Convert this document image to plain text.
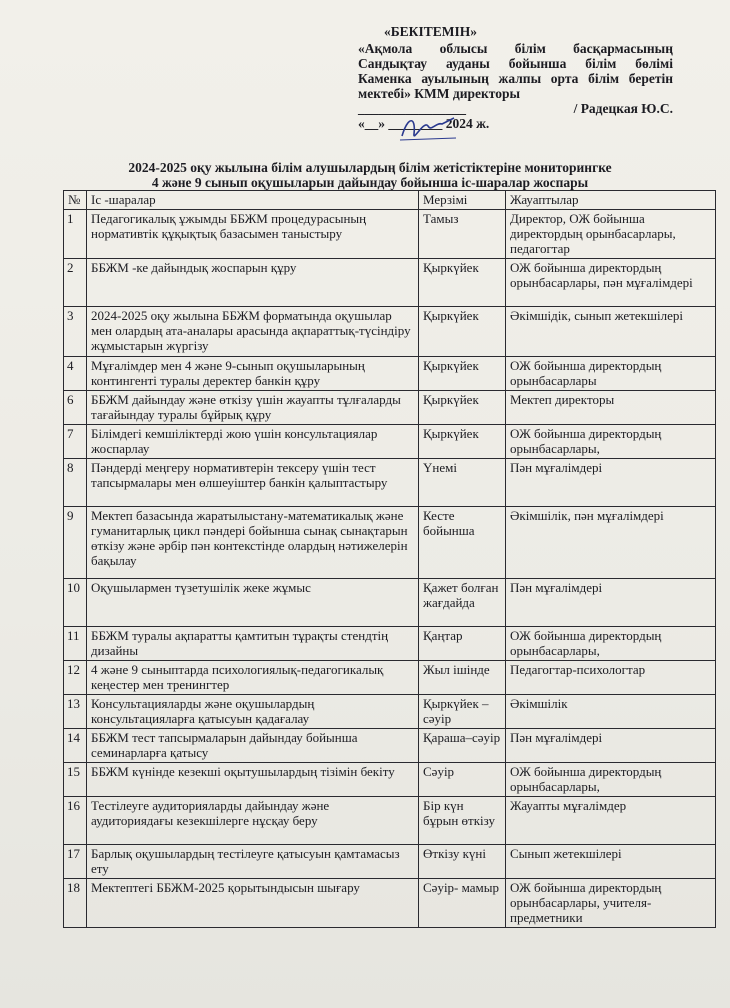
«БЕКІТЕМІН»
«Ақмола облысы білім басқармасының
Сандықтау ауданы бойынша білім бөлімі
Каменка ауылының жалпы орта білім беретін
мектебі» КММ директоры
________________	/ Радецкая Ю.С.
«__» ________ 2024 ж.
2024-2025 оқу жылына білім алушылардың білім жетістіктеріне мониторингке
4 және 9 сынып оқушыларын дайындау бойынша іс-шаралар жоспары
№	Іс -шаралар	Мерзімі	Жауаптылар
1	Педагогикалық ұжымды ББЖМ процедурасының нормативтік құқықтық базасымен таныстыру	Тамыз	Директор, ОЖ бойынша директордың орынбасарлары, педагогтар
2	ББЖМ -ке дайындық жоспарын құру	Қыркүйек	ОЖ бойынша директордың орынбасарлары, пән мұғалімдері
3	2024-2025 оқу жылына ББЖМ форматында оқушылар мен олардың ата-аналары арасында ақпараттық-түсіндіру жұмыстарын жүргізу	Қыркүйек	Әкімшідік, сынып жетекшілері
4	Мұғалімдер мен 4 және 9-сынып оқушыларының контингенті туралы деректер банкін құру	Қыркүйек	ОЖ бойынша директордың орынбасарлары
6	ББЖМ дайындау және өткізу үшін жауапты тұлғаларды тағайындау туралы бұйрық құру	Қыркүйек	Мектеп директоры
7	Білімдегі кемшіліктерді жою үшін консультациялар жоспарлау	Қыркүйек	ОЖ бойынша директордың орынбасарлары,
8	Пәндерді меңгеру нормативтерін тексеру үшін тест тапсырмалары мен өлшеуіштер банкін қалыптастыру	Үнемі	Пән мұғалімдері
9	Мектеп базасында жаратылыстану-математикалық және гуманитарлық цикл пәндері бойынша сынақ сынақтарын өткізу және әрбір пән контекстінде олардың нәтижелерін бақылау	Кесте бойынша	Әкімшілік, пән мұғалімдері
10	Оқушылармен түзетушілік жеке жұмыс	Қажет болған жағдайда	Пән мұғалімдері
11	ББЖМ туралы ақпаратты қамтитын тұрақты стендтің дизайны	Қаңтар	ОЖ бойынша директордың орынбасарлары,
12	4 және 9 сыныптарда психологиялық-педагогикалық кеңестер мен тренингтер	Жыл ішінде	Педагогтар-психологтар
13	Консультацияларды және оқушылардың консультацияларға қатысуын қадағалау	Қыркүйек – сәуір	Әкімшілік
14	ББЖМ тест тапсырмаларын дайындау бойынша семинарларға қатысу	Қараша–сәуір	Пән мұғалімдері
15	ББЖМ күнінде кезекші оқытушылардың тізімін бекіту	Сәуір	ОЖ бойынша директордың орынбасарлары,
16	Тестілеуге аудиторияларды дайындау және аудиториядағы кезекшілерге нұсқау беру	Бір күн бұрын өткізу	Жауапты мұғалімдер
17	Барлық оқушылардың тестілеуге қатысуын қамтамасыз ету	Өткізу күні	Сынып жетекшілері
18	Мектептегі ББЖМ-2025 қорытындысын шығару	Сәуір- мамыр	ОЖ бойынша директордың орынбасарлары, учителя-предметники
